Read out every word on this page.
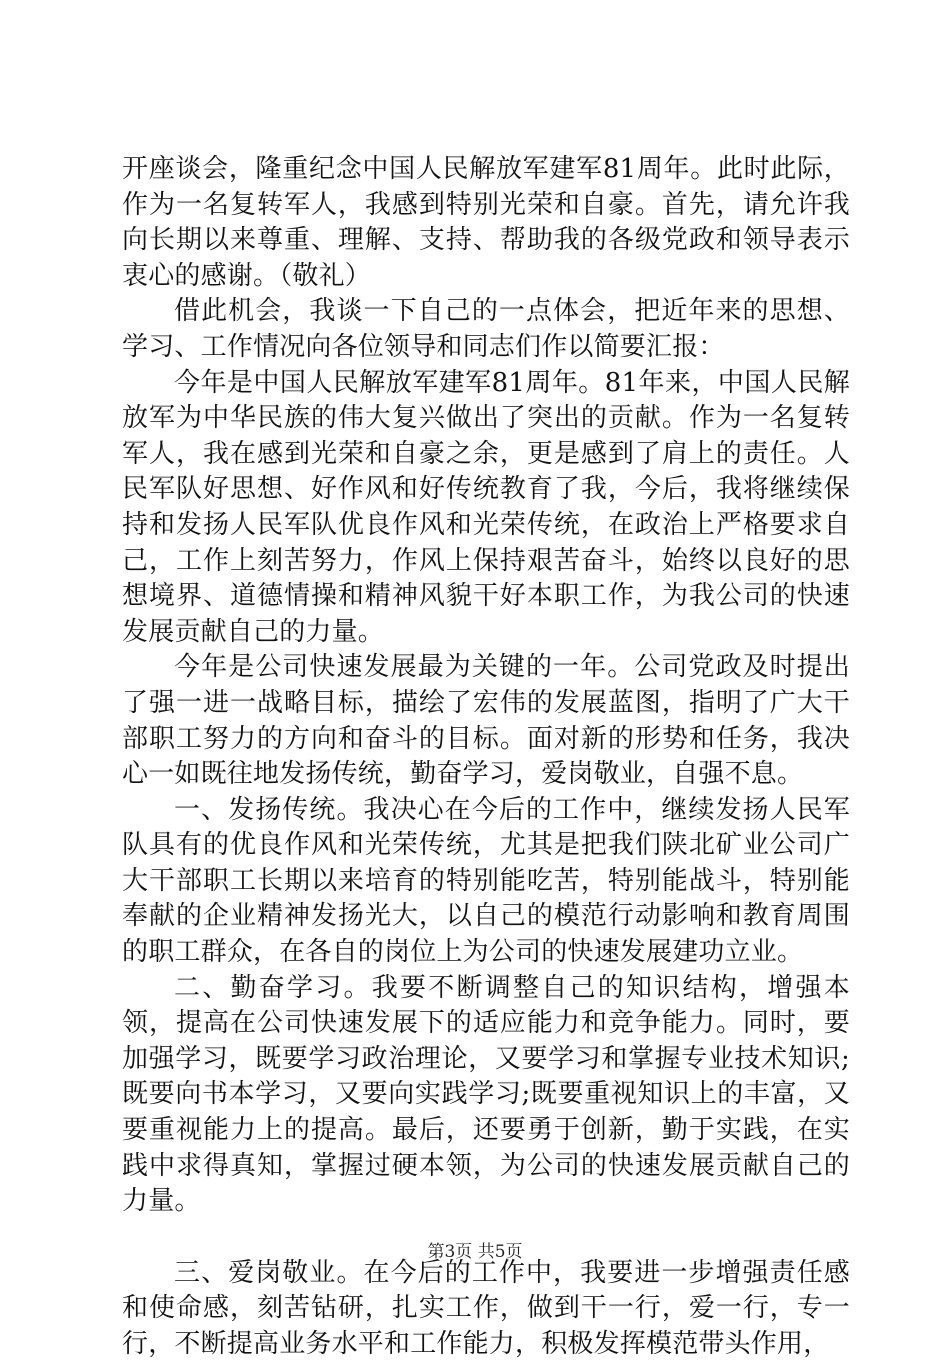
开座谈会，隆重纪念中国人民解放军建军81周年。此时此际，作为一名复转军人，我感到特别光荣和自豪。首先，请允许我向长期以来尊重、理解、支持、帮助我的各级党政和领导表示衷心的感谢。（敬礼）

借此机会，我谈一下自己的一点体会，把近年来的思想、学习、工作情况向各位领导和同志们作以简要汇报：

今年是中国人民解放军建军81周年。81年来，中国人民解放军为中华民族的伟大复兴做出了突出的贡献。作为一名复转军人，我在感到光荣和自豪之余，更是感到了肩上的责任。人民军队好思想、好作风和好传统教育了我，今后，我将继续保持和发扬人民军队优良作风和光荣传统，在政治上严格要求自己，工作上刻苦努力，作风上保持艰苦奋斗，始终以良好的思想境界、道德情操和精神风貌干好本职工作，为我公司的快速发展贡献自己的力量。

今年是公司快速发展最为关键的一年。公司党政及时提出了强一进一战略目标，描绘了宏伟的发展蓝图，指明了广大干部职工努力的方向和奋斗的目标。面对新的形势和任务，我决心一如既往地发扬传统，勤奋学习，爱岗敬业，自强不息。

一、发扬传统。我决心在今后的工作中，继续发扬人民军队具有的优良作风和光荣传统，尤其是把我们陕北矿业公司广大干部职工长期以来培育的特别能吃苦，特别能战斗，特别能奉献的企业精神发扬光大，以自己的模范行动影响和教育周围的职工群众，在各自的岗位上为公司的快速发展建功立业。

二、勤奋学习。我要不断调整自己的知识结构，增强本领，提高在公司快速发展下的适应能力和竞争能力。同时，要加强学习，既要学习政治理论，又要学习和掌握专业技术知识;既要向书本学习，又要向实践学习;既要重视知识上的丰富，又要重视能力上的提高。最后，还要勇于创新，勤于实践，在实践中求得真知，掌握过硬本领，为公司的快速发展贡献自己的力量。

三、爱岗敬业。在今后的工作中，我要进一步增强责任感和使命感，刻苦钻研，扎实工作，做到干一行，爱一行，专一行，不断提高业务水平和工作能力，积极发挥模范带头作用，

第3页 共5页
